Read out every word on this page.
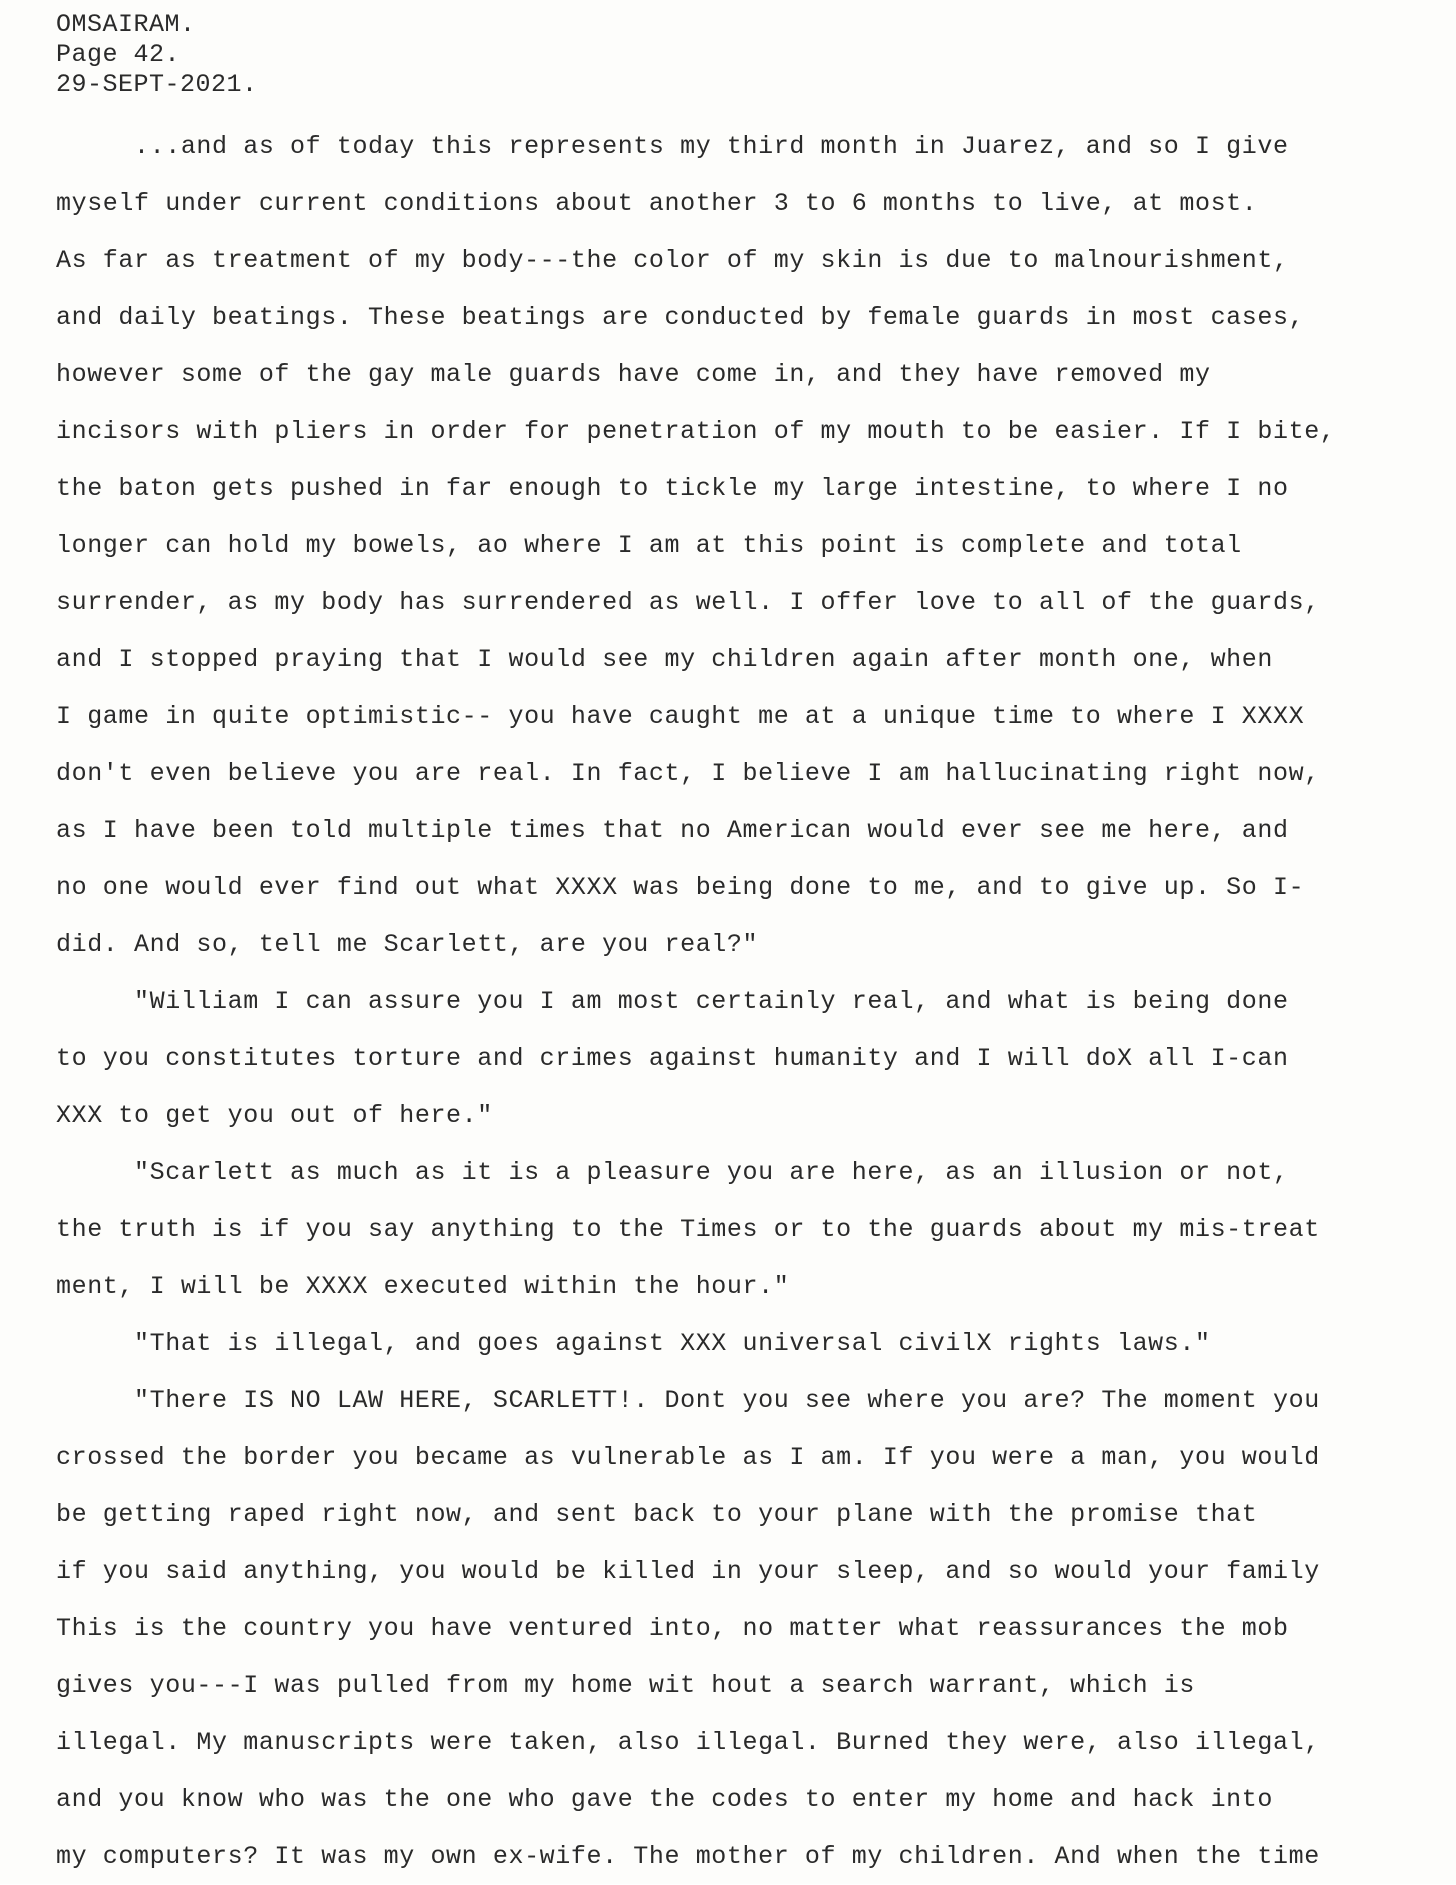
OMSAIRAM.
Page 42.
29-SEPT-2021.
...and as of today this represents my third month in Juarez, and so I give
myself under current conditions about another 3 to 6 months to live, at most.
As far as treatment of my body---the color of my skin is due to malnourishment,
and daily beatings. These beatings are conducted by female guards in most cases,
however some of the gay male guards have come in, and they have removed my
incisors with pliers in order for penetration of my mouth to be easier. If I bite,
the baton gets pushed in far enough to tickle my large intestine, to where I no
longer can hold my bowels, ao where I am at this point is complete and total
surrender, as my body has surrendered as well. I offer love to all of the guards,
and I stopped praying that I would see my children again after month one, when
I game in quite optimistic-- you have caught me at a unique time to where I XXXX
don't even believe you are real. In fact, I believe I am hallucinating right now,
as I have been told multiple times that no American would ever see me here, and
no one would ever find out what XXXX was being done to me, and to give up. So I-
did. And so, tell me Scarlett, are you real?"
"William I can assure you I am most certainly real, and what is being done
to you constitutes torture and crimes against humanity and I will doX all I-can
XXX to get you out of here."
"Scarlett as much as it is a pleasure you are here, as an illusion or not,
the truth is if you say anything to the Times or to the guards about my mis-treat
ment, I will be XXXX executed within the hour."
"That is illegal, and goes against XXX universal civilX rights laws."
"There IS NO LAW HERE, SCARLETT!. Dont you see where you are? The moment you
crossed the border you became as vulnerable as I am. If you were a man, you would
be getting raped right now, and sent back to your plane with the promise that
if you said anything, you would be killed in your sleep, and so would your family
This is the country you have ventured into, no matter what reassurances the mob
gives you---I was pulled from my home wit hout a search warrant, which is
illegal. My manuscripts were taken, also illegal. Burned they were, also illegal,
and you know who was the one who gave the codes to enter my home and hack into
my computers? It was my own ex-wife. The mother of my children. And when the time
